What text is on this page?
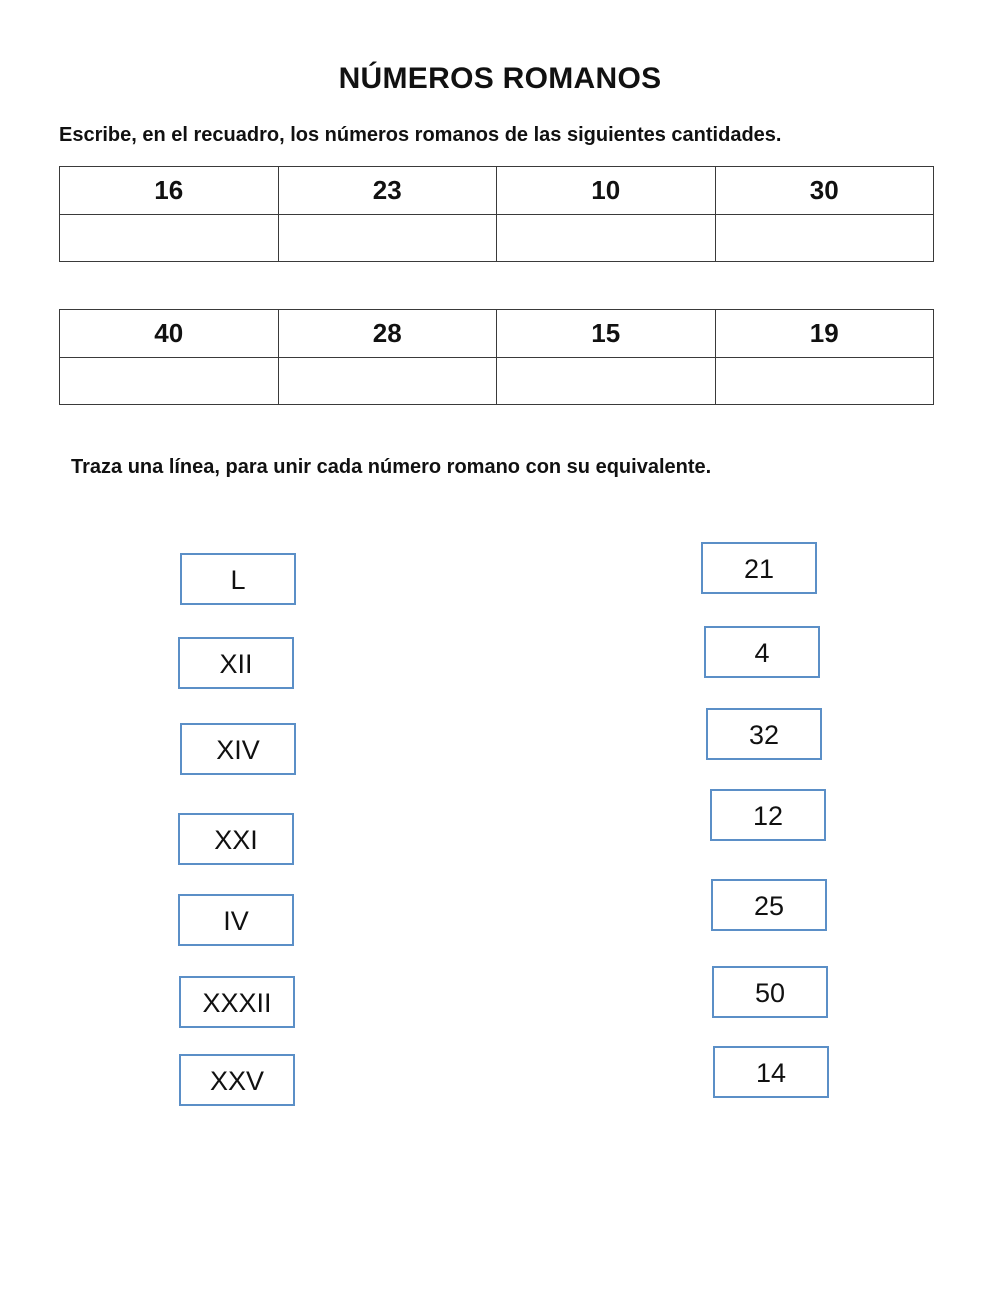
NÚMEROS ROMANOS
Escribe, en el recuadro, los números romanos de las siguientes cantidades.
16	23	10	30

40	28	15	19

Traza una línea, para unir cada número romano con su equivalente.
L
XII
XIV
XXI
IV
XXXII
XXV
21
4
32
12
25
50
14
